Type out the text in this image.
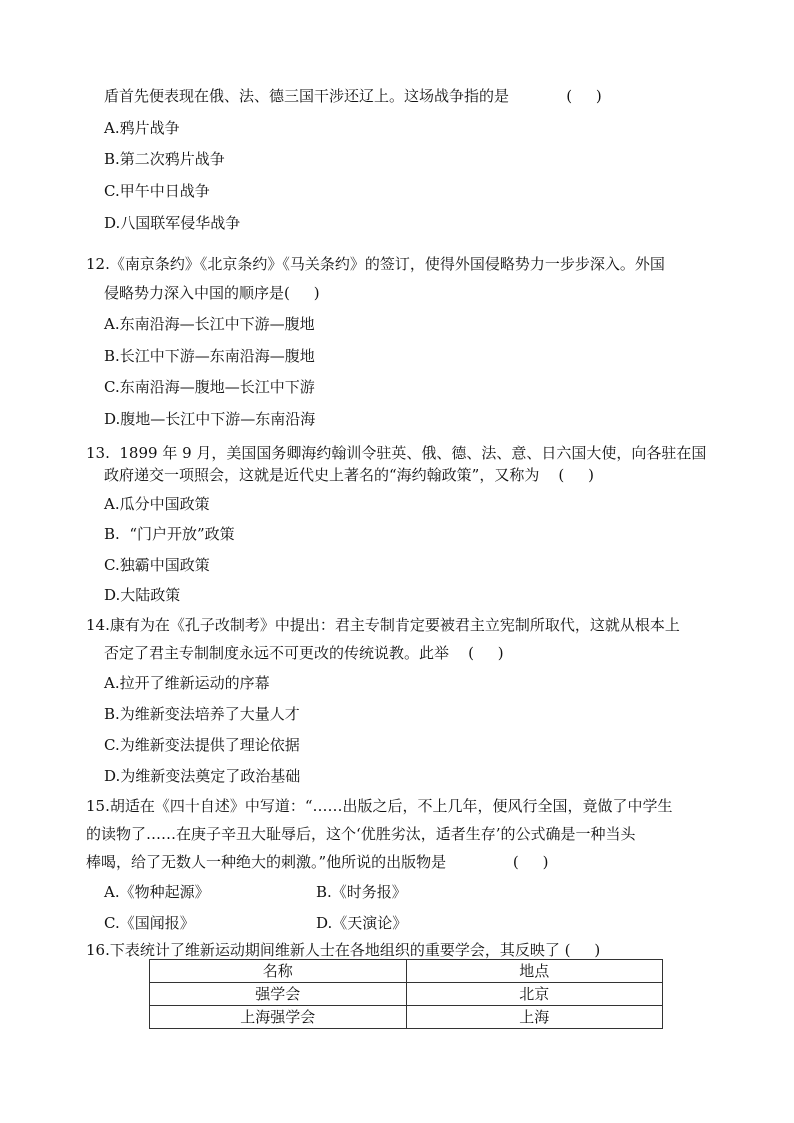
盾首先便表现在俄、法、德三国干涉还辽上。这场战争指的是            (     )
A.鸦片战争
B.第二次鸦片战争
C.甲午中日战争
D.八国联军侵华战争
12.《南京条约》《北京条约》《马关条约》的签订，使得外国侵略势力一步步深入。外国
侵略势力深入中国的顺序是(     )
A.东南沿海—长江中下游—腹地
B.长江中下游—东南沿海—腹地
C.东南沿海—腹地—长江中下游
D.腹地—长江中下游—东南沿海
13.  1899 年 9 月，美国国务卿海约翰训令驻英、俄、德、法、意、日六国大使，向各驻在国
政府递交一项照会，这就是近代史上著名的“海约翰政策”，又称为    (     )
A.瓜分中国政策
B.  “门户开放”政策
C.独霸中国政策
D.大陆政策
14.康有为在《孔子改制考》中提出：君主专制肯定要被君主立宪制所取代，这就从根本上
否定了君主专制制度永远不可更改的传统说教。此举    (     )
A.拉开了维新运动的序幕
B.为维新变法培养了大量人才
C.为维新变法提供了理论依据
D.为维新变法奠定了政治基础
15.胡适在《四十自述》中写道：“……出版之后，不上几年，便风行全国，竟做了中学生
的读物了……在庚子辛丑大耻辱后，这个‘优胜劣汰，适者生存’的公式确是一种当头
棒喝，给了无数人一种绝大的刺激。”他所说的出版物是              (     )
A.《物种起源》	B.《时务报》
C.《国闻报》	D.《天演论》
16.下表统计了维新运动期间维新人士在各地组织的重要学会，其反映了 (     )
名称	地点
强学会	北京
上海强学会	上海
